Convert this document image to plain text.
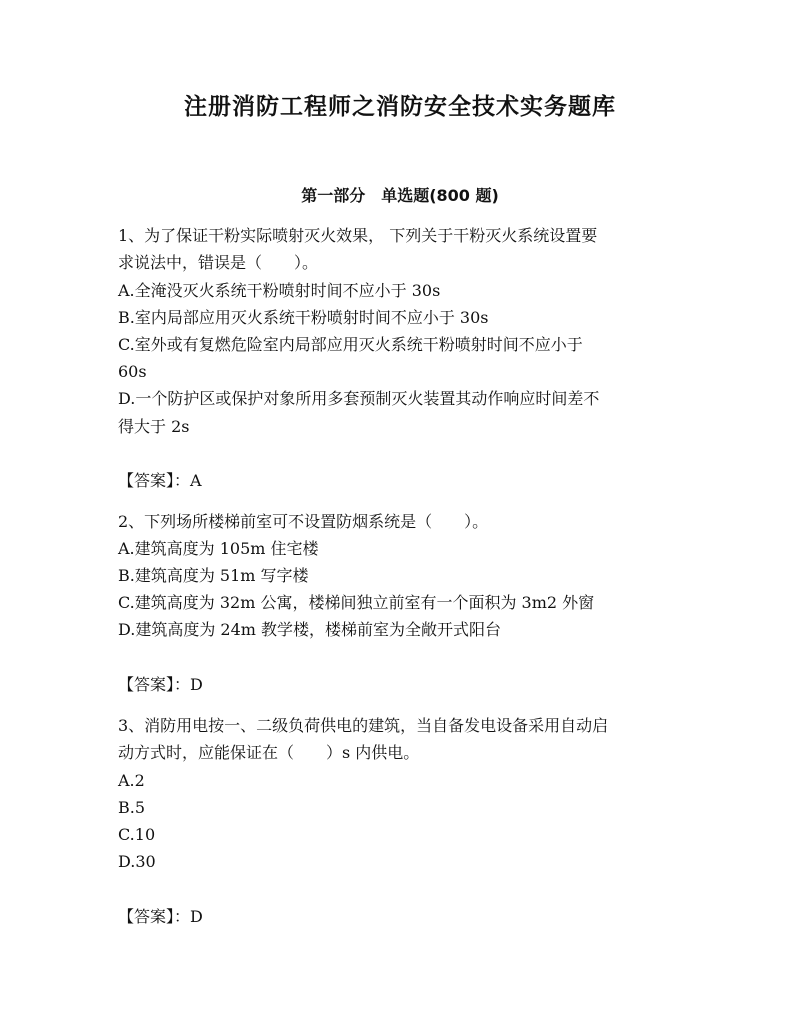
注册消防工程师之消防安全技术实务题库
第一部分　单选题(800 题)
1、为了保证干粉实际喷射灭火效果， 下列关于干粉灭火系统设置要
求说法中，错误是（　　）。
A.全淹没灭火系统干粉喷射时间不应小于 30s
B.室内局部应用灭火系统干粉喷射时间不应小于 30s
C.室外或有复燃危险室内局部应用灭火系统干粉喷射时间不应小于
60s
D.一个防护区或保护对象所用多套预制灭火装置其动作响应时间差不
得大于 2s
【答案】：A
2、下列场所楼梯前室可不设置防烟系统是（　　）。
A.建筑高度为 105m 住宅楼
B.建筑高度为 51m 写字楼
C.建筑高度为 32m 公寓，楼梯间独立前室有一个面积为 3m2 外窗
D.建筑高度为 24m 教学楼，楼梯前室为全敞开式阳台
【答案】：D
3、消防用电按一、二级负荷供电的建筑，当自备发电设备采用自动启
动方式时，应能保证在（　　）s 内供电。
A.2
B.5
C.10
D.30
【答案】：D
